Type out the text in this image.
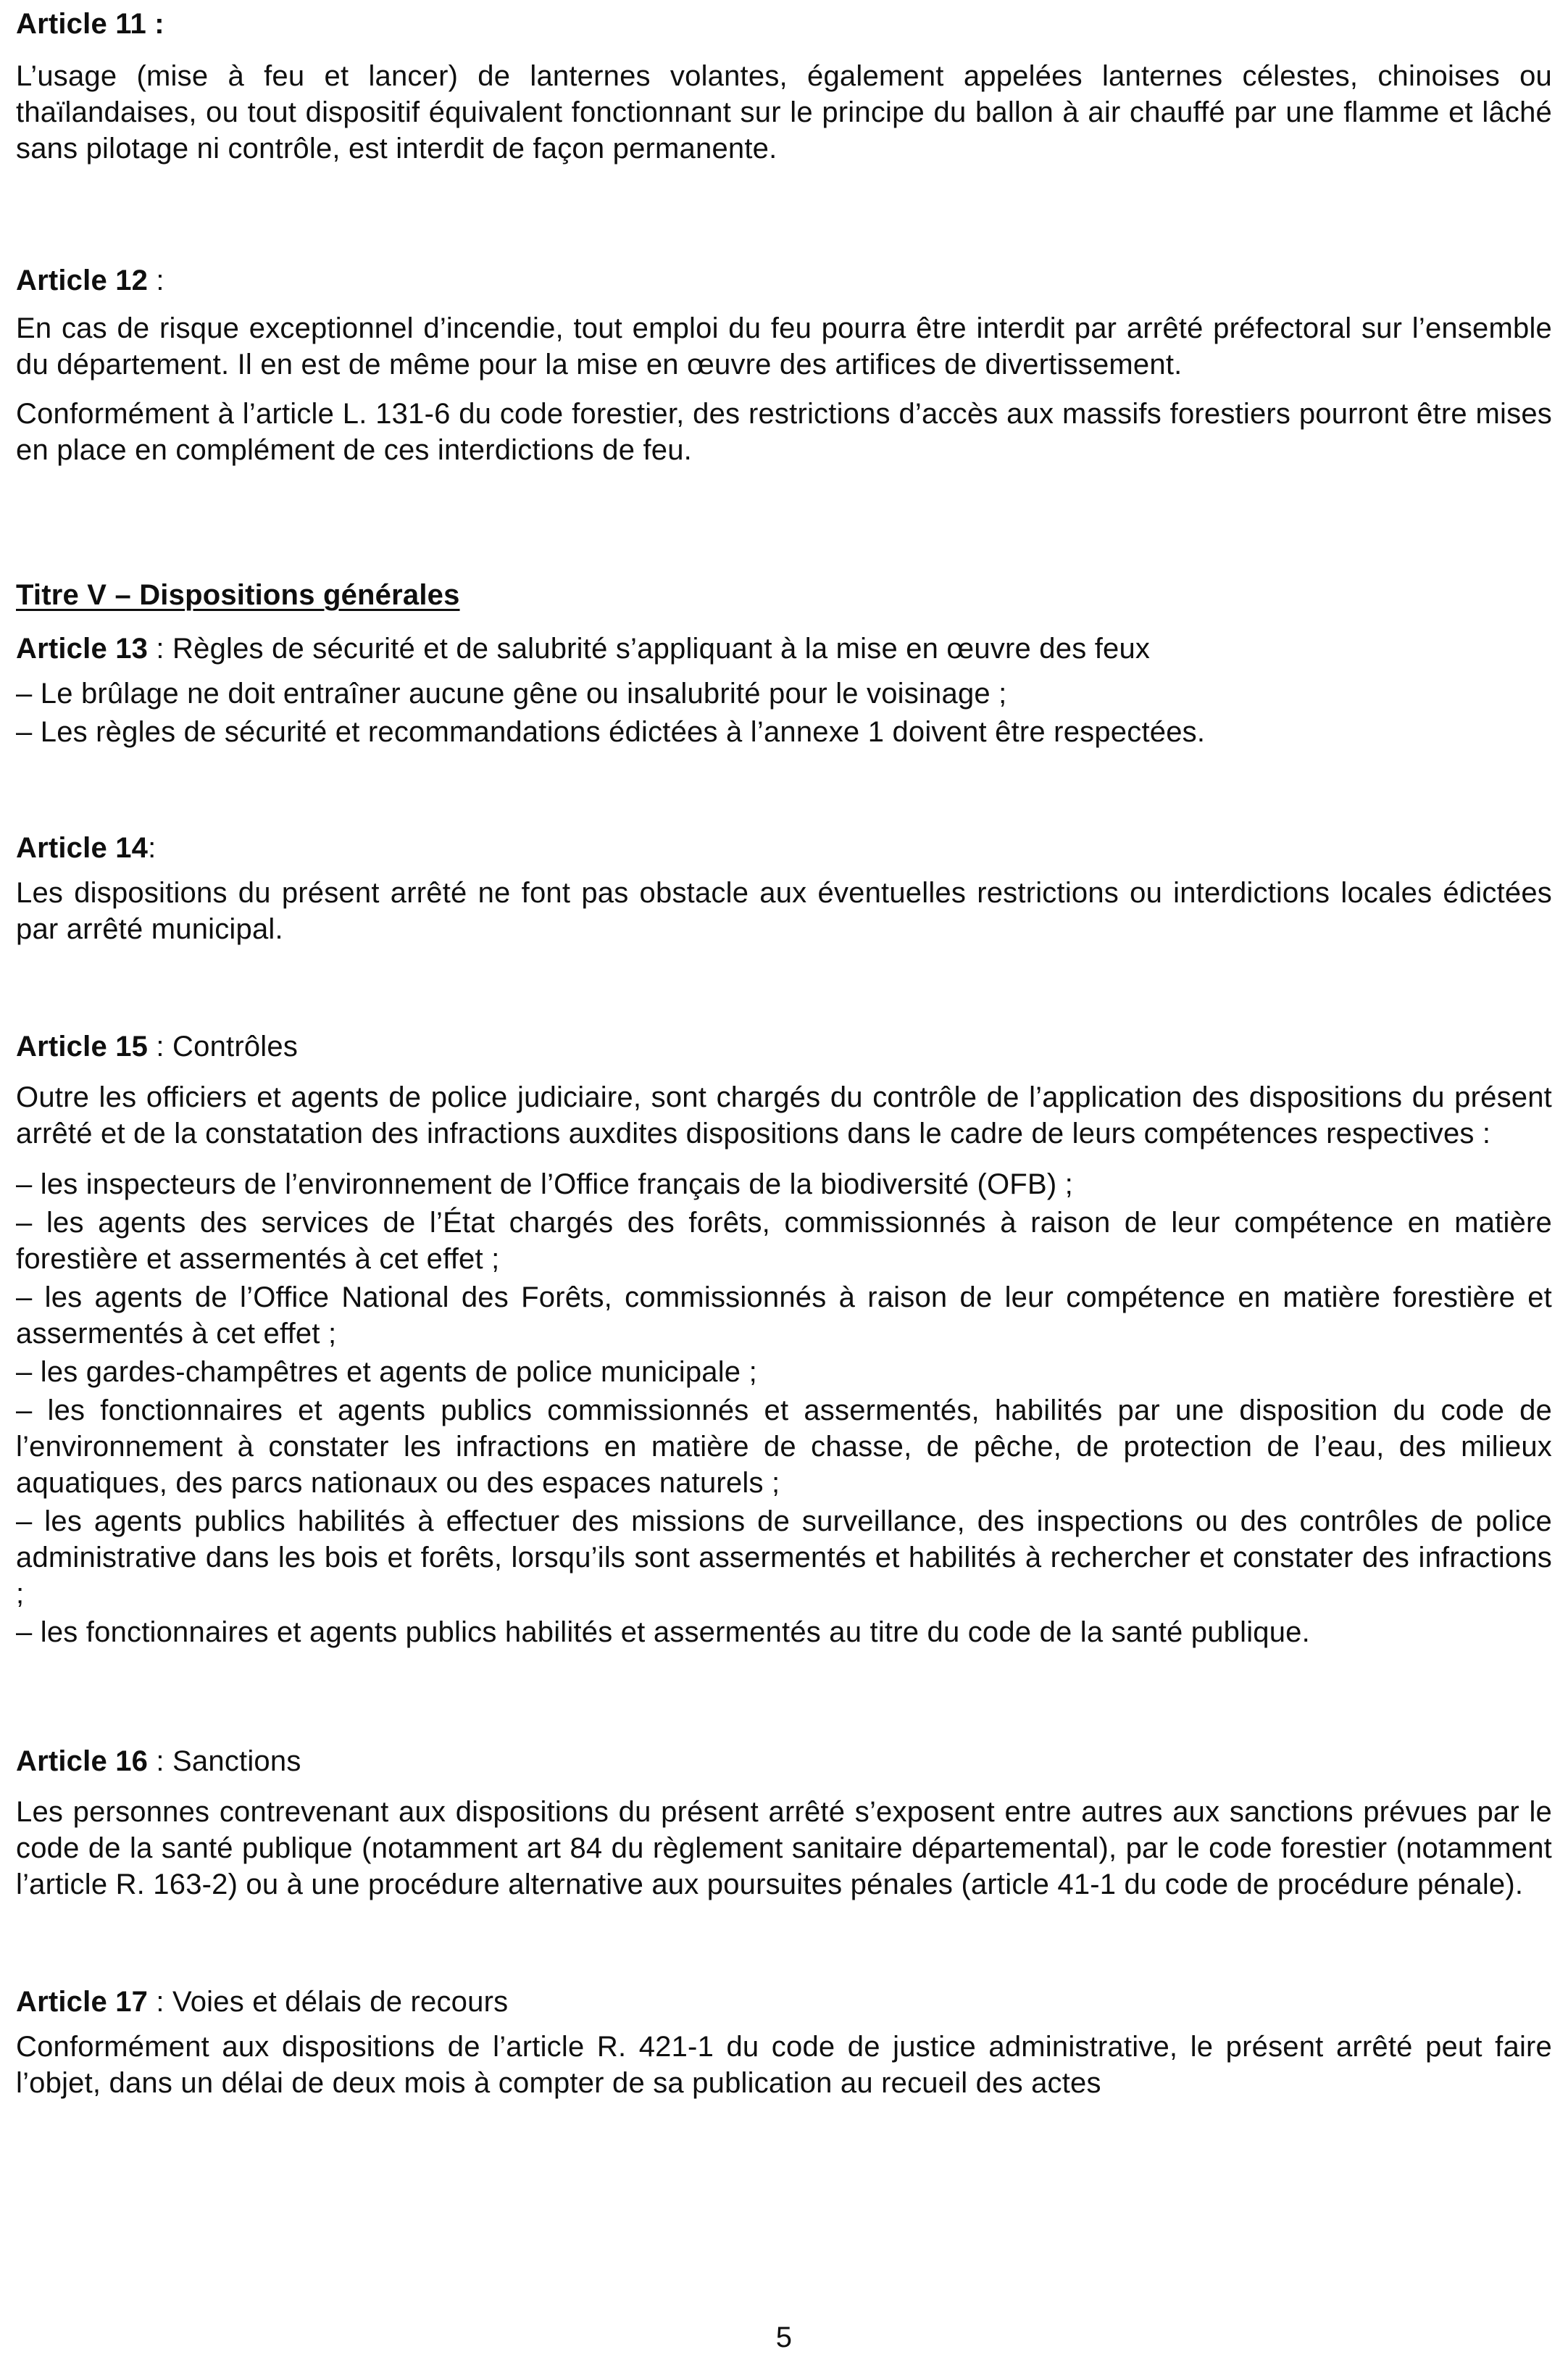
Article 11 :

L’usage (mise à feu et lancer) de lanternes volantes, également appelées lanternes célestes, chinoises ou thaïlandaises, ou tout dispositif équivalent fonctionnant sur le principe du ballon à air chauffé par une flamme et lâché sans pilotage ni contrôle, est interdit de façon permanente.

Article 12 :

En cas de risque exceptionnel d’incendie, tout emploi du feu pourra être interdit par arrêté préfectoral sur l’ensemble du département. Il en est de même pour la mise en œuvre des artifices de divertissement.

Conformément à l’article L. 131-6 du code forestier, des restrictions d’accès aux massifs forestiers pourront être mises en place en complément de ces interdictions de feu.

Titre V – Dispositions générales
Article 13 : Règles de sécurité et de salubrité s’appliquant à la mise en œuvre des feux

– Le brûlage ne doit entraîner aucune gêne ou insalubrité pour le voisinage ;

– Les règles de sécurité et recommandations édictées à l’annexe 1 doivent être respectées.

Article 14:

Les dispositions du présent arrêté ne font pas obstacle aux éventuelles restrictions ou interdictions locales édictées par arrêté municipal.

Article 15 : Contrôles

Outre les officiers et agents de police judiciaire, sont chargés du contrôle de l’application des dispositions du présent arrêté et de la constatation des infractions auxdites dispositions dans le cadre de leurs compétences respectives :

– les inspecteurs de l’environnement de l’Office français de la biodiversité (OFB) ;

– les agents des services de l’État chargés des forêts, commissionnés à raison de leur compétence en matière forestière et assermentés à cet effet ;

– les agents de l’Office National des Forêts, commissionnés à raison de leur compétence en matière forestière et assermentés à cet effet ;

– les gardes-champêtres et agents de police municipale ;

– les fonctionnaires et agents publics commissionnés et assermentés, habilités par une disposition du code de l’environnement à constater les infractions en matière de chasse, de pêche, de protection de l’eau, des milieux aquatiques, des parcs nationaux ou des espaces naturels ;

– les agents publics habilités à effectuer des missions de surveillance, des inspections ou des contrôles de police administrative dans les bois et forêts, lorsqu’ils sont assermentés et habilités à rechercher et constater des infractions ;

– les fonctionnaires et agents publics habilités et assermentés au titre du code de la santé publique.

Article 16 : Sanctions

Les personnes contrevenant aux dispositions du présent arrêté s’exposent entre autres aux sanctions prévues par le code de la santé publique (notamment art 84 du règlement sanitaire départemental), par le code forestier (notamment l’article R. 163-2) ou à une procédure alternative aux poursuites pénales (article 41-1 du code de procédure pénale).

Article 17 : Voies et délais de recours

Conformément aux dispositions de l’article R. 421-1 du code de justice administrative, le présent arrêté peut faire l’objet, dans un délai de deux mois à compter de sa publication au recueil des actes

5
